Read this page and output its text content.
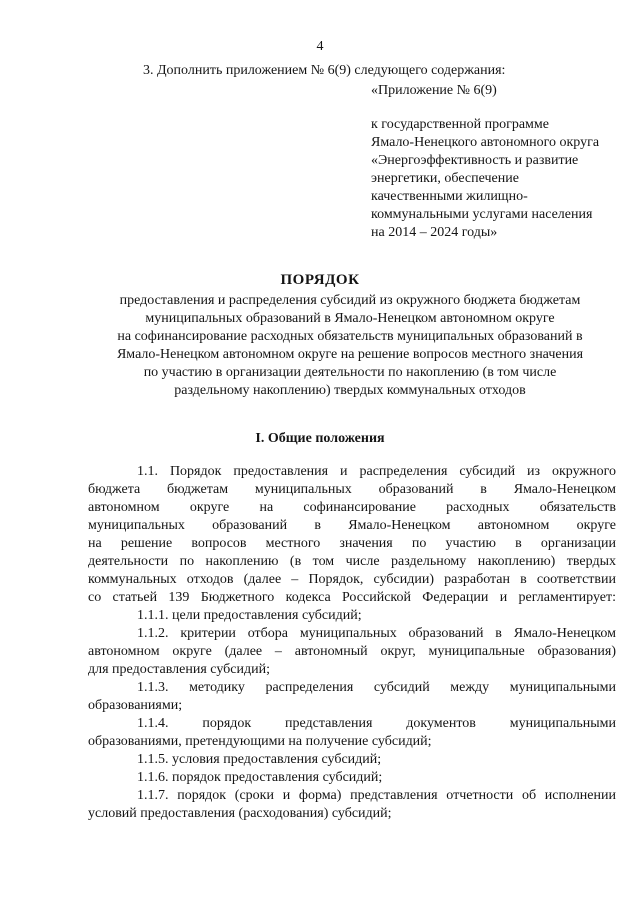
4
3. Дополнить приложением № 6(9) следующего содержания:
«Приложение № 6(9)
к государственной программе
Ямало-Ненецкого автономного округа
«Энергоэффективность и развитие
энергетики, обеспечение
качественными жилищно-
коммунальными услугами населения
на 2014 – 2024 годы»
ПОРЯДОК
предоставления и распределения субсидий из окружного бюджета бюджетам
муниципальных образований в Ямало-Ненецком автономном округе
на софинансирование расходных обязательств муниципальных образований в
Ямало-Ненецком автономном округе на решение вопросов местного значения
по участию в организации деятельности по накоплению (в том числе
раздельному накоплению) твердых коммунальных отходов
I. Общие положения
1.1. Порядок предоставления и распределения субсидий из окружного
бюджета бюджетам муниципальных образований в Ямало-Ненецком
автономном округе на софинансирование расходных обязательств
муниципальных образований в Ямало-Ненецком автономном округе
на решение вопросов местного значения по участию в организации
деятельности по накоплению (в том числе раздельному накоплению) твердых
коммунальных отходов (далее – Порядок, субсидии) разработан в соответствии
со статьей 139 Бюджетного кодекса Российской Федерации и регламентирует:
1.1.1. цели предоставления субсидий;
1.1.2. критерии отбора муниципальных образований в Ямало-Ненецком
автономном округе (далее – автономный округ, муниципальные образования)
для предоставления субсидий;
1.1.3. методику распределения субсидий между муниципальными
образованиями;
1.1.4. порядок представления документов муниципальными
образованиями, претендующими на получение субсидий;
1.1.5. условия предоставления субсидий;
1.1.6. порядок предоставления субсидий;
1.1.7. порядок (сроки и форма) представления отчетности об исполнении
условий предоставления (расходования) субсидий;
